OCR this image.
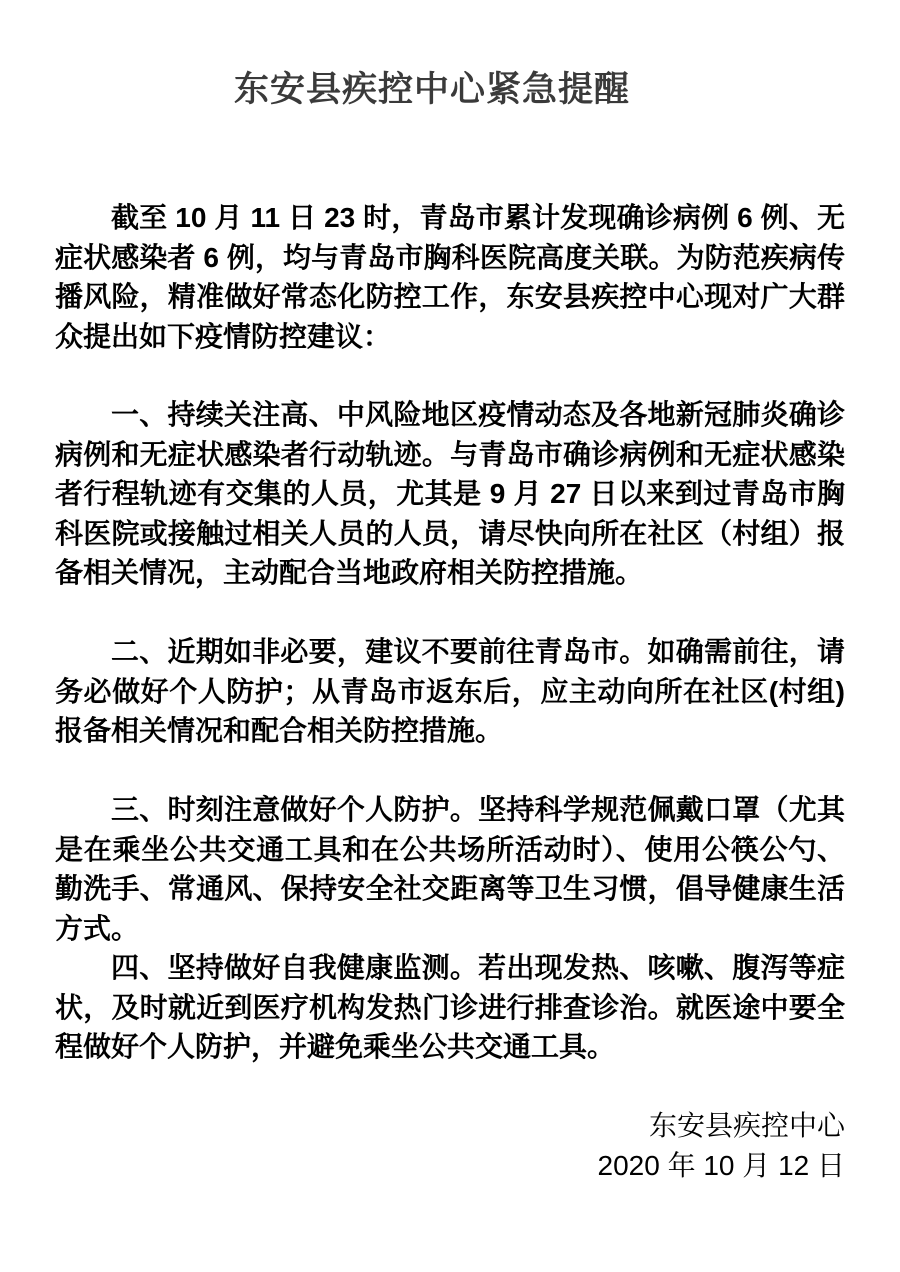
东安县疾控中心紧急提醒

截至 10 月 11 日 23 时，青岛市累计发现确诊病例 6 例、无症状感染者 6 例，均与青岛市胸科医院高度关联。为防范疾病传播风险，精准做好常态化防控工作，东安县疾控中心现对广大群众提出如下疫情防控建议：

一、持续关注高、中风险地区疫情动态及各地新冠肺炎确诊病例和无症状感染者行动轨迹。与青岛市确诊病例和无症状感染者行程轨迹有交集的人员，尤其是 9 月 27 日以来到过青岛市胸科医院或接触过相关人员的人员，请尽快向所在社区（村组）报备相关情况，主动配合当地政府相关防控措施。

二、近期如非必要，建议不要前往青岛市。如确需前往，请务必做好个人防护；从青岛市返东后，应主动向所在社区(村组)报备相关情况和配合相关防控措施。

三、时刻注意做好个人防护。坚持科学规范佩戴口罩（尤其是在乘坐公共交通工具和在公共场所活动时）、使用公筷公勺、勤洗手、常通风、保持安全社交距离等卫生习惯，倡导健康生活方式。

四、坚持做好自我健康监测。若出现发热、咳嗽、腹泻等症状，及时就近到医疗机构发热门诊进行排查诊治。就医途中要全程做好个人防护，并避免乘坐公共交通工具。

东安县疾控中心
2020 年 10 月 12 日
